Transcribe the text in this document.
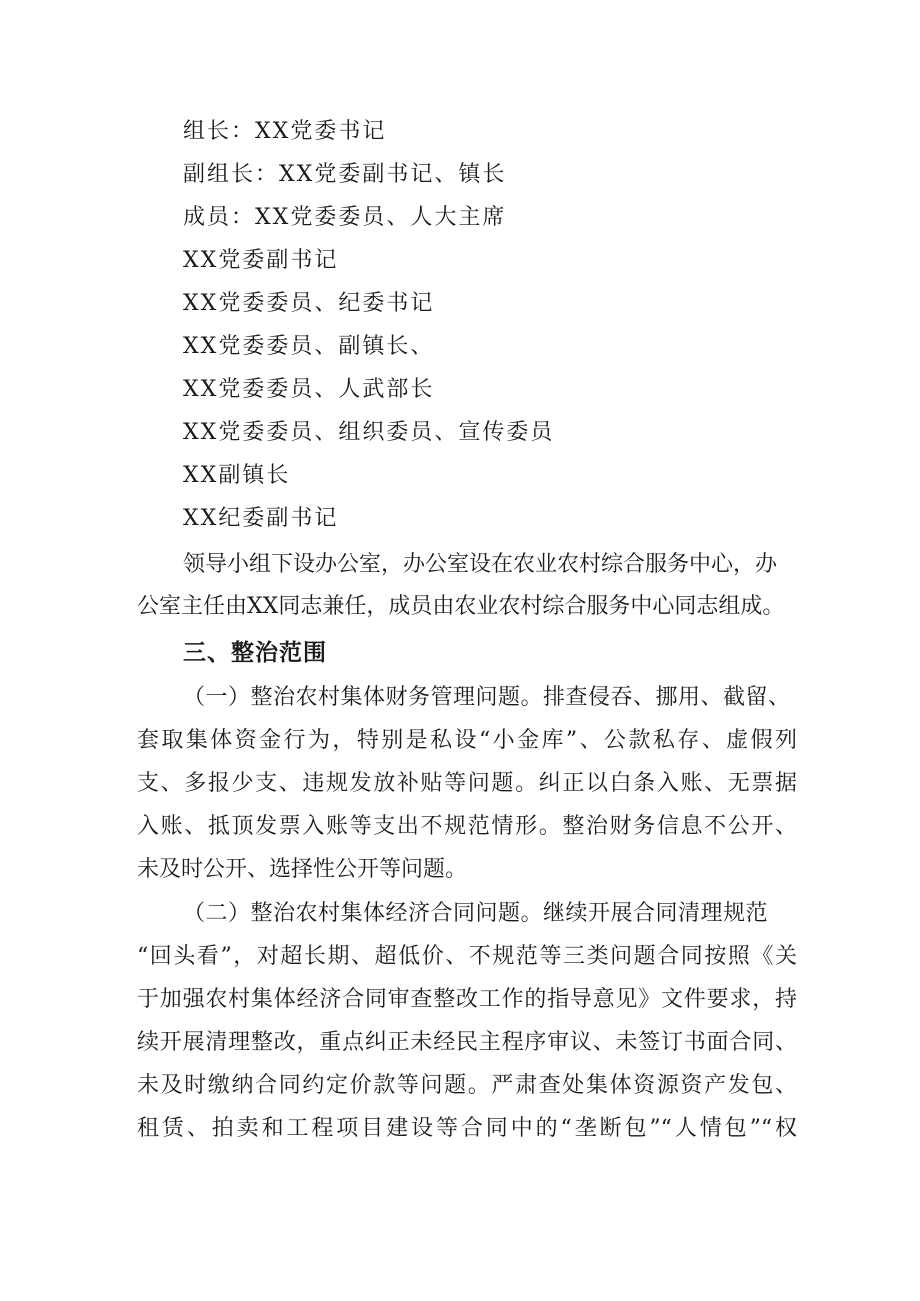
组长：XX党委书记
副组长：XX党委副书记、镇长
成员：XX党委委员、人大主席
XX党委副书记
XX党委委员、纪委书记
XX党委委员、副镇长、
XX党委委员、人武部长
XX党委委员、组织委员、宣传委员
XX副镇长
XX纪委副书记
领导小组下设办公室，办公室设在农业农村综合服务中心，办
公室主任由XX同志兼任，成员由农业农村综合服务中心同志组成。
三、整治范围
（一）整治农村集体财务管理问题。排查侵吞、挪用、截留、
套取集体资金行为，特别是私设“小金库”、公款私存、虚假列
支、多报少支、违规发放补贴等问题。纠正以白条入账、无票据
入账、抵顶发票入账等支出不规范情形。整治财务信息不公开、
未及时公开、选择性公开等问题。
（二）整治农村集体经济合同问题。继续开展合同清理规范
“回头看”，对超长期、超低价、不规范等三类问题合同按照《关
于加强农村集体经济合同审查整改工作的指导意见》文件要求，持
续开展清理整改，重点纠正未经民主程序审议、未签订书面合同、
未及时缴纳合同约定价款等问题。严肃查处集体资源资产发包、
租赁、拍卖和工程项目建设等合同中的“垄断包”“人情包”“权
